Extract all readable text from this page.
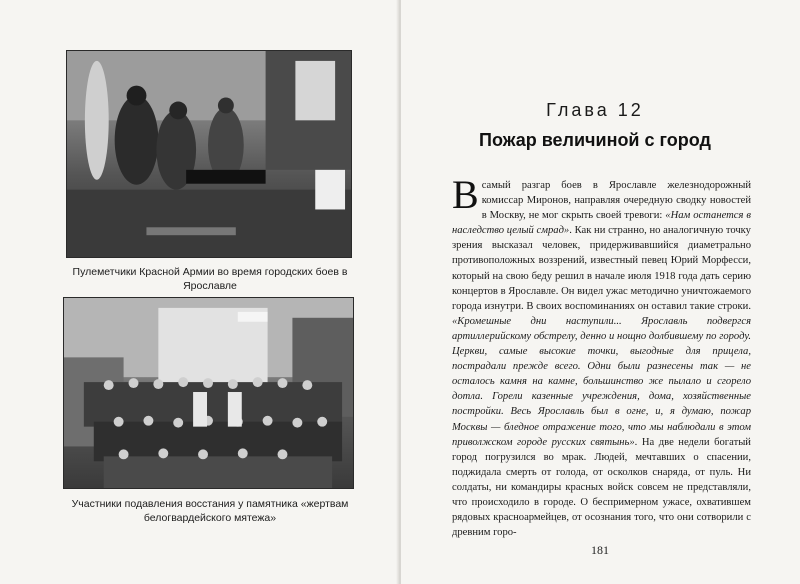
Пулеметчики Красной Армии во время городских боев в Ярославле
Участники подавления восстания у памятника «жертвам белогвардейского мятежа»
Глава 12
Пожар величиной с город
Всамый разгар боев в Ярославле железнодорожный комиссар Миронов, направляя очередную сводку новостей в Москву, не мог скрыть своей тревоги: «Нам останется в наследство целый смрад». Как ни странно, но аналогичную точку зрения высказал человек, придерживавшийся диаметрально противоположных воззрений, известный певец Юрий Морфесси, который на свою беду решил в начале июля 1918 года дать серию концертов в Ярославле. Он видел ужас методично уничтожаемого города изнутри. В своих воспоминаниях он оставил такие строки. «Кромешные дни наступили... Ярославль подвергся артиллерийскому обстрелу, денно и нощно долбившему по городу. Церкви, самые высокие точки, выгодные для прицела, пострадали прежде всего. Одни были разнесены так — не осталось камня на камне, большинство же пылало и сгорело дотла. Горели казенные учреждения, дома, хозяйственные постройки. Весь Ярославль был в огне, и, я думаю, пожар Москвы — бледное отражение того, что мы наблюдали в этом приволжском городе русских святынь». На две недели богатый город погрузился во мрак. Людей, мечтавших о спасении, поджидала смерть от голода, от осколков снаряда, от пуль. Ни солдаты, ни командиры красных войск совсем не представляли, что происходило в городе. О беспримерном ужасе, охватившем рядовых красноармейцев, от осознания того, что они сотворили с древним горо-
181
